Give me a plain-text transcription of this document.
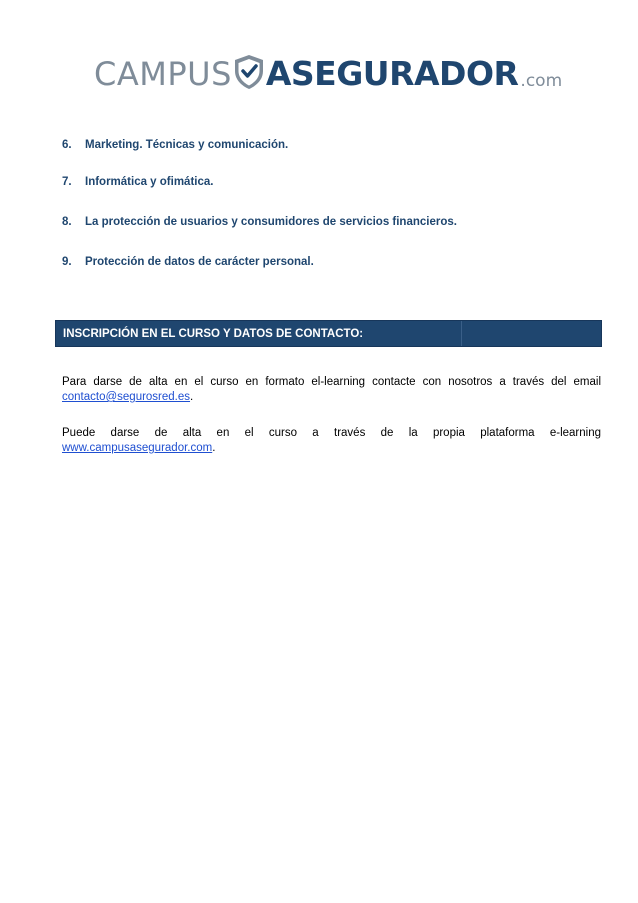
CAMPUS ASEGURADOR .com
6.	Marketing. Técnicas y comunicación.
7.	Informática y ofimática.
8.	La protección de usuarios y consumidores de servicios financieros.
9.	Protección de datos de carácter personal.
INSCRIPCIÓN EN EL CURSO Y DATOS DE CONTACTO:
Para darse de alta en el curso en formato el-learning contacte con nosotros a través del email
contacto@segurosred.es.
Puede darse de alta en el curso a través de la propia plataforma e-learning
www.campusasegurador.com.
